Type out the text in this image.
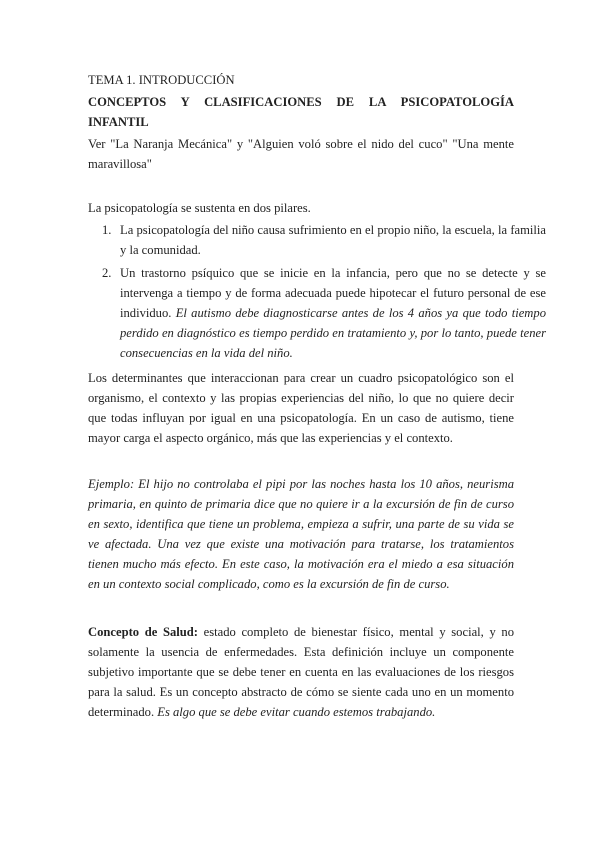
TEMA 1. INTRODUCCIÓN

CONCEPTOS Y CLASIFICACIONES DE LA PSICOPATOLOGÍA INFANTIL

Ver "La Naranja Mecánica" y "Alguien voló sobre el nido del cuco" "Una mente maravillosa"

La psicopatología se sustenta en dos pilares.

1. La psicopatología del niño causa sufrimiento en el propio niño, la escuela, la familia y la comunidad.
2. Un trastorno psíquico que se inicie en la infancia, pero que no se detecte y se intervenga a tiempo y de forma adecuada puede hipotecar el futuro personal de ese individuo. El autismo debe diagnosticarse antes de los 4 años ya que todo tiempo perdido en diagnóstico es tiempo perdido en tratamiento y, por lo tanto, puede tener consecuencias en la vida del niño.

Los determinantes que interaccionan para crear un cuadro psicopatológico son el organismo, el contexto y las propias experiencias del niño, lo que no quiere decir que todas influyan por igual en una psicopatología. En un caso de autismo, tiene mayor carga el aspecto orgánico, más que las experiencias y el contexto.

Ejemplo: El hijo no controlaba el pipi por las noches hasta los 10 años, neurisma primaria, en quinto de primaria dice que no quiere ir a la excursión de fin de curso en sexto, identifica que tiene un problema, empieza a sufrir, una parte de su vida se ve afectada. Una vez que existe una motivación para tratarse, los tratamientos tienen mucho más efecto. En este caso, la motivación era el miedo a esa situación en un contexto social complicado, como es la excursión de fin de curso.

Concepto de Salud: estado completo de bienestar físico, mental y social, y no solamente la usencia de enfermedades. Esta definición incluye un componente subjetivo importante que se debe tener en cuenta en las evaluaciones de los riesgos para la salud. Es un concepto abstracto de cómo se siente cada uno en un momento determinado. Es algo que se debe evitar cuando estemos trabajando.
